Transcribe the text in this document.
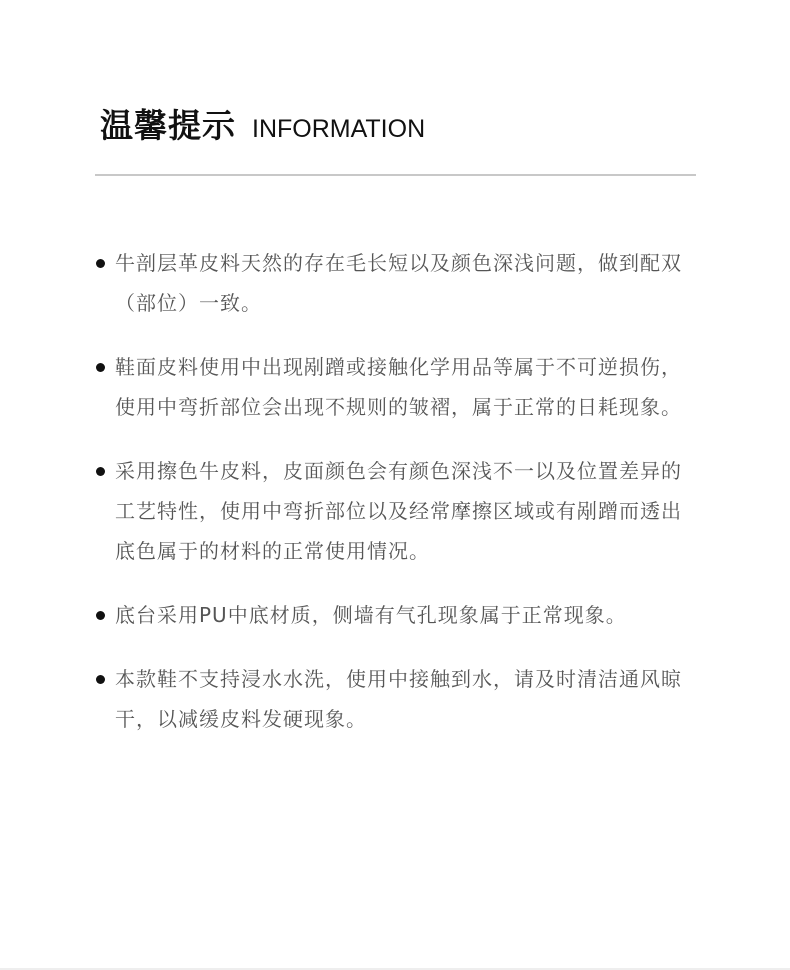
温馨提示 INFORMATION
牛剖层革皮料天然的存在毛长短以及颜色深浅问题，做到配双（部位）一致。
鞋面皮料使用中出现剐蹭或接触化学用品等属于不可逆损伤，使用中弯折部位会出现不规则的皱褶，属于正常的日耗现象。
采用擦色牛皮料，皮面颜色会有颜色深浅不一以及位置差异的工艺特性，使用中弯折部位以及经常摩擦区域或有剐蹭而透出底色属于的材料的正常使用情况。
底台采用PU中底材质，侧墙有气孔现象属于正常现象。
本款鞋不支持浸水水洗，使用中接触到水，请及时清洁通风晾干，以减缓皮料发硬现象。
